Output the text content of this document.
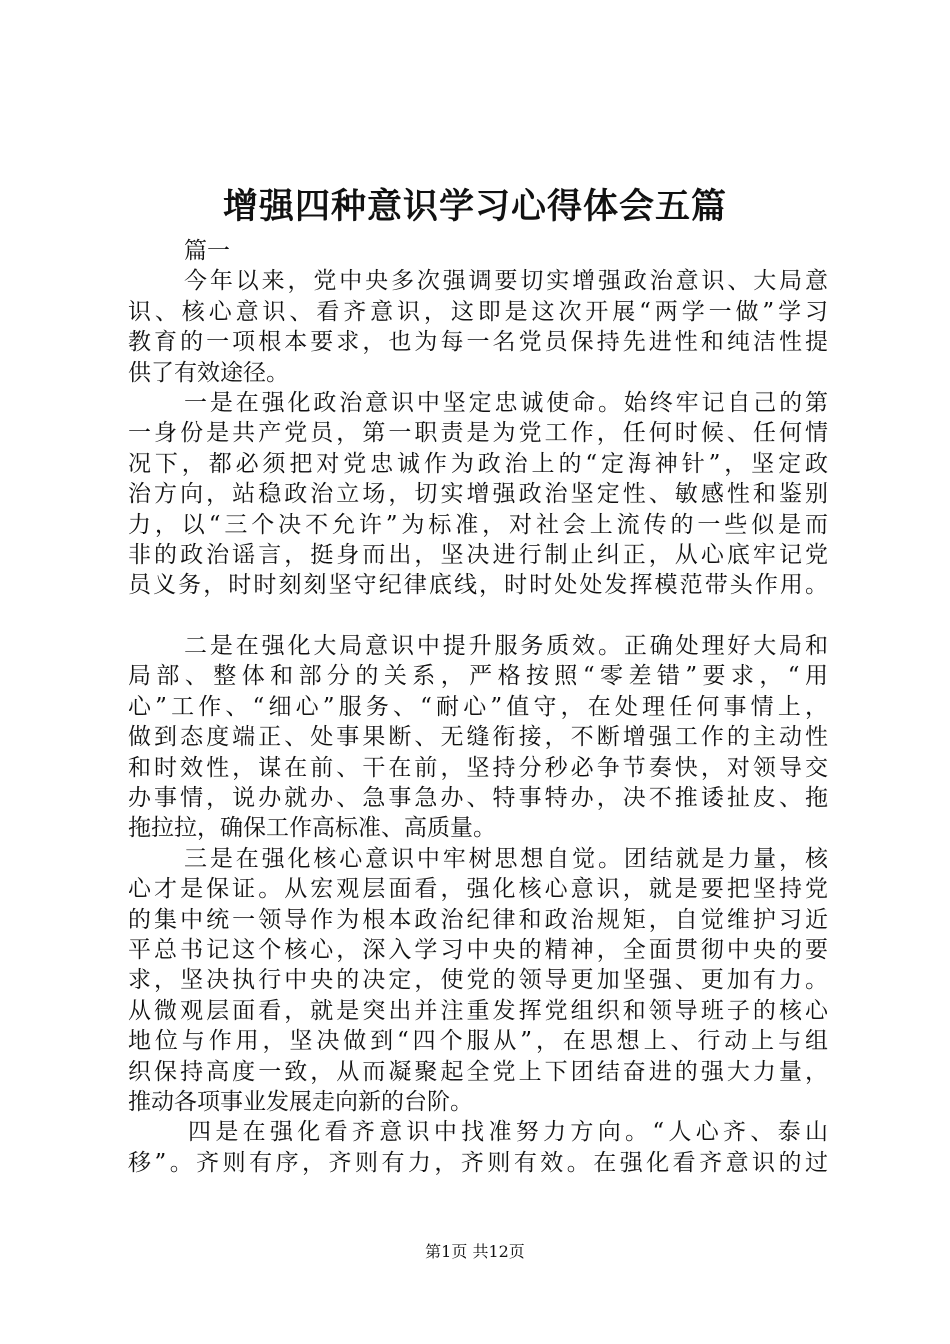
增强四种意识学习心得体会五篇
篇一
今年以来，党中央多次强调要切实增强政治意识、大局意
识、核心意识、看齐意识，这即是这次开展“两学一做”学习
教育的一项根本要求，也为每一名党员保持先进性和纯洁性提
供了有效途径。
一是在强化政治意识中坚定忠诚使命。始终牢记自己的第
一身份是共产党员，第一职责是为党工作，任何时候、任何情
况下，都必须把对党忠诚作为政治上的“定海神针”，坚定政
治方向，站稳政治立场，切实增强政治坚定性、敏感性和鉴别
力，以“三个决不允许”为标准，对社会上流传的一些似是而
非的政治谣言，挺身而出，坚决进行制止纠正，从心底牢记党
员义务，时时刻刻坚守纪律底线，时时处处发挥模范带头作用。
二是在强化大局意识中提升服务质效。正确处理好大局和
局部、整体和部分的关系，严格按照“零差错”要求，“用
心”工作、“细心”服务、“耐心”值守，在处理任何事情上，
做到态度端正、处事果断、无缝衔接，不断增强工作的主动性
和时效性，谋在前、干在前，坚持分秒必争节奏快，对领导交
办事情，说办就办、急事急办、特事特办，决不推诿扯皮、拖
拖拉拉，确保工作高标准、高质量。
三是在强化核心意识中牢树思想自觉。团结就是力量，核
心才是保证。从宏观层面看，强化核心意识，就是要把坚持党
的集中统一领导作为根本政治纪律和政治规矩，自觉维护习近
平总书记这个核心，深入学习中央的精神，全面贯彻中央的要
求，坚决执行中央的决定，使党的领导更加坚强、更加有力。
从微观层面看，就是突出并注重发挥党组织和领导班子的核心
地位与作用，坚决做到“四个服从”，在思想上、行动上与组
织保持高度一致，从而凝聚起全党上下团结奋进的强大力量，
推动各项事业发展走向新的台阶。
四是在强化看齐意识中找准努力方向。“人心齐、泰山
移”。齐则有序，齐则有力，齐则有效。在强化看齐意识的过
第1页 共12页
